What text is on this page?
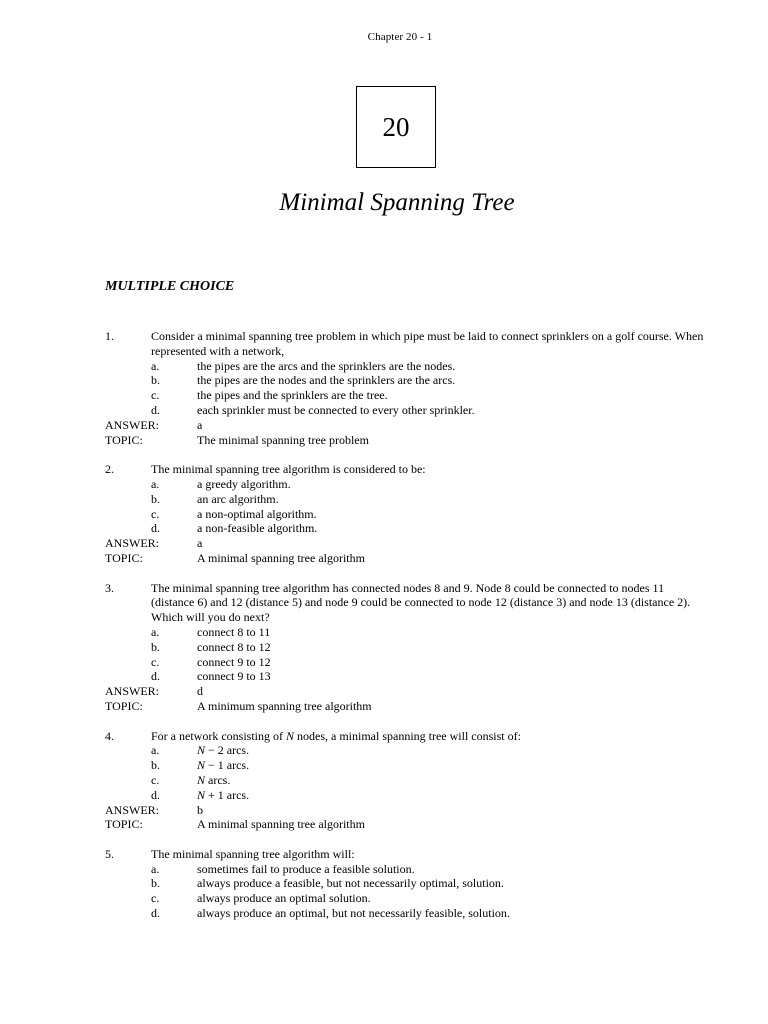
Chapter 20 - 1
20
Minimal Spanning Tree
MULTIPLE CHOICE
1.	Consider a minimal spanning tree problem in which pipe must be laid to connect sprinklers on a golf course. When represented with a network,
a.	the pipes are the arcs and the sprinklers are the nodes.
b.	the pipes are the nodes and the sprinklers are the arcs.
c.	the pipes and the sprinklers are the tree.
d.	each sprinkler must be connected to every other sprinkler.
ANSWER:	a
TOPIC:	The minimal spanning tree problem
2.	The minimal spanning tree algorithm is considered to be:
a.	a greedy algorithm.
b.	an arc algorithm.
c.	a non-optimal algorithm.
d.	a non-feasible algorithm.
ANSWER:	a
TOPIC:	A minimal spanning tree algorithm
3.	The minimal spanning tree algorithm has connected nodes 8 and 9. Node 8 could be connected to nodes 11 (distance 6) and 12 (distance 5) and node 9 could be connected to node 12 (distance 3) and node 13 (distance 2). Which will you do next?
a.	connect 8 to 11
b.	connect 8 to 12
c.	connect 9 to 12
d.	connect 9 to 13
ANSWER:	d
TOPIC:	A minimum spanning tree algorithm
4.	For a network consisting of N nodes, a minimal spanning tree will consist of:
a.	N − 2 arcs.
b.	N − 1 arcs.
c.	N arcs.
d.	N + 1 arcs.
ANSWER:	b
TOPIC:	A minimal spanning tree algorithm
5.	The minimal spanning tree algorithm will:
a.	sometimes fail to produce a feasible solution.
b.	always produce a feasible, but not necessarily optimal, solution.
c.	always produce an optimal solution.
d.	always produce an optimal, but not necessarily feasible, solution.
